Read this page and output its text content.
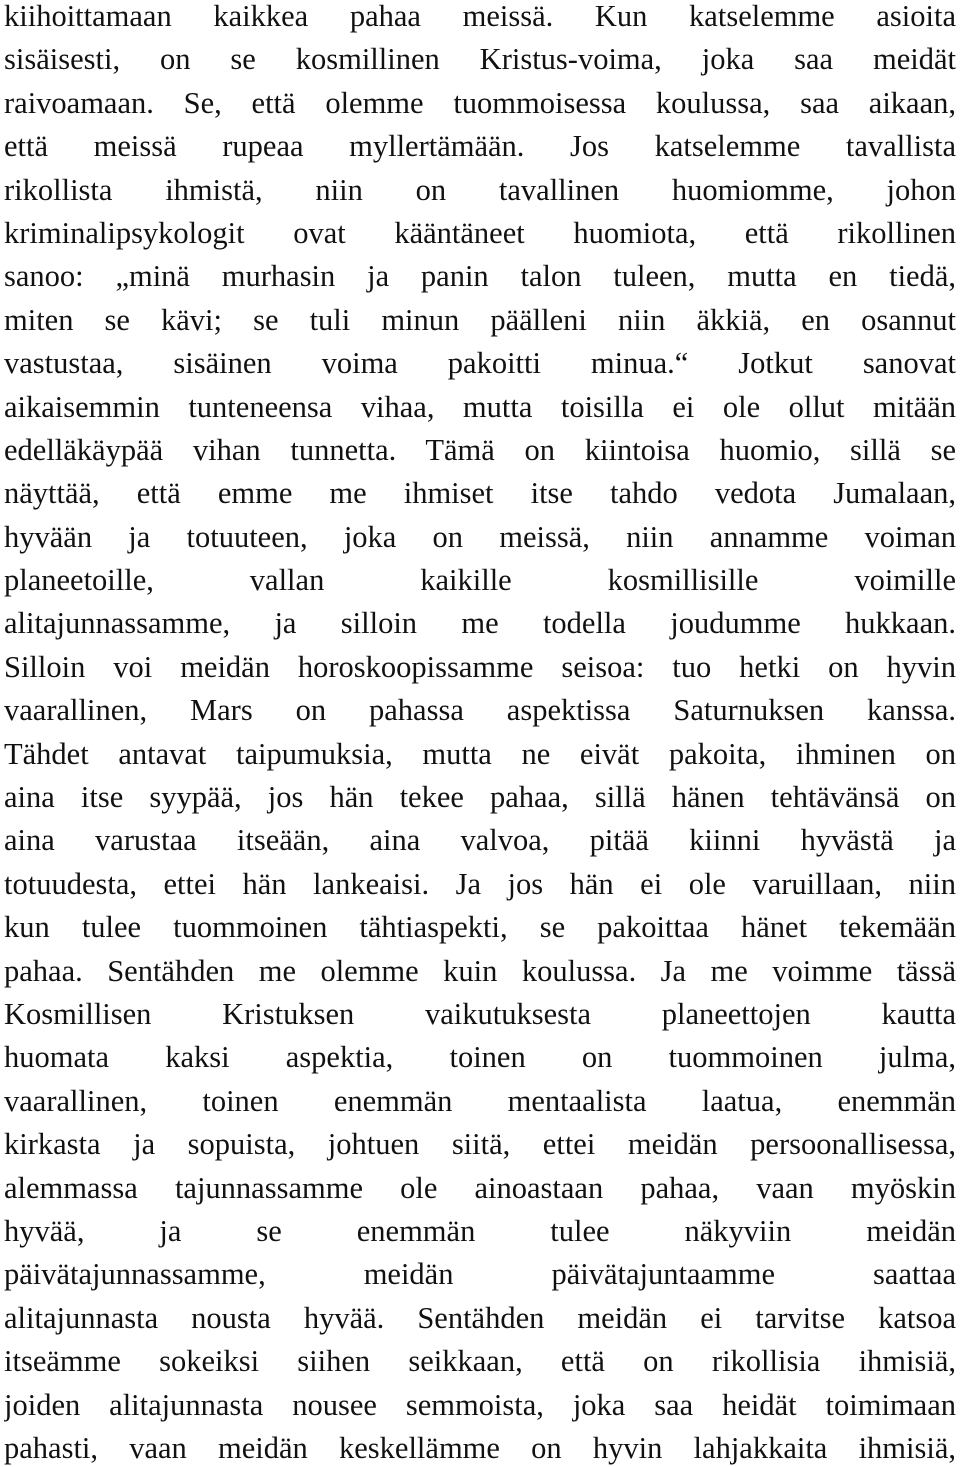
kiihoittamaan kaikkea pahaa meissä. Kun katselemme asioita
sisäisesti, on se kosmillinen Kristus-voima, joka saa meidät
raivoamaan. Se, että olemme tuommoisessa koulussa, saa aikaan,
että meissä rupeaa myllertämään. Jos katselemme tavallista
rikollista ihmistä, niin on tavallinen huomiomme, johon
kriminalipsykologit ovat kääntäneet huomiota, että rikollinen
sanoo: „minä murhasin ja panin talon tuleen, mutta en tiedä,
miten se kävi; se tuli minun päälleni niin äkkiä, en osannut
vastustaa, sisäinen voima pakoitti minua.“ Jotkut sanovat
aikaisemmin tunteneensa vihaa, mutta toisilla ei ole ollut mitään
edelläkäypää vihan tunnetta. Tämä on kiintoisa huomio, sillä se
näyttää, että emme me ihmiset itse tahdo vedota Jumalaan,
hyvään ja totuuteen, joka on meissä, niin annamme voiman
planeetoille, vallan kaikille kosmillisille voimille
alitajunnassamme, ja silloin me todella joudumme hukkaan.
Silloin voi meidän horoskoopissamme seisoa: tuo hetki on hyvin
vaarallinen, Mars on pahassa aspektissa Saturnuksen kanssa.
Tähdet antavat taipumuksia, mutta ne eivät pakoita, ihminen on
aina itse syypää, jos hän tekee pahaa, sillä hänen tehtävänsä on
aina varustaa itseään, aina valvoa, pitää kiinni hyvästä ja
totuudesta, ettei hän lankeaisi. Ja jos hän ei ole varuillaan, niin
kun tulee tuommoinen tähtiaspekti, se pakoittaa hänet tekemään
pahaa. Sentähden me olemme kuin koulussa. Ja me voimme tässä
Kosmillisen Kristuksen vaikutuksesta planeettojen kautta
huomata kaksi aspektia, toinen on tuommoinen julma,
vaarallinen, toinen enemmän mentaalista laatua, enemmän
kirkasta ja sopuista, johtuen siitä, ettei meidän persoonallisessa,
alemmassa tajunnassamme ole ainoastaan pahaa, vaan myöskin
hyvää, ja se enemmän tulee näkyviin meidän
päivätajunnassamme, meidän päivätajuntaamme saattaa
alitajunnasta nousta hyvää. Sentähden meidän ei tarvitse katsoa
itseämme sokeiksi siihen seikkaan, että on rikollisia ihmisiä,
joiden alitajunnasta nousee semmoista, joka saa heidät toimimaan
pahasti, vaan meidän keskellämme on hyvin lahjakkaita ihmisiä,
